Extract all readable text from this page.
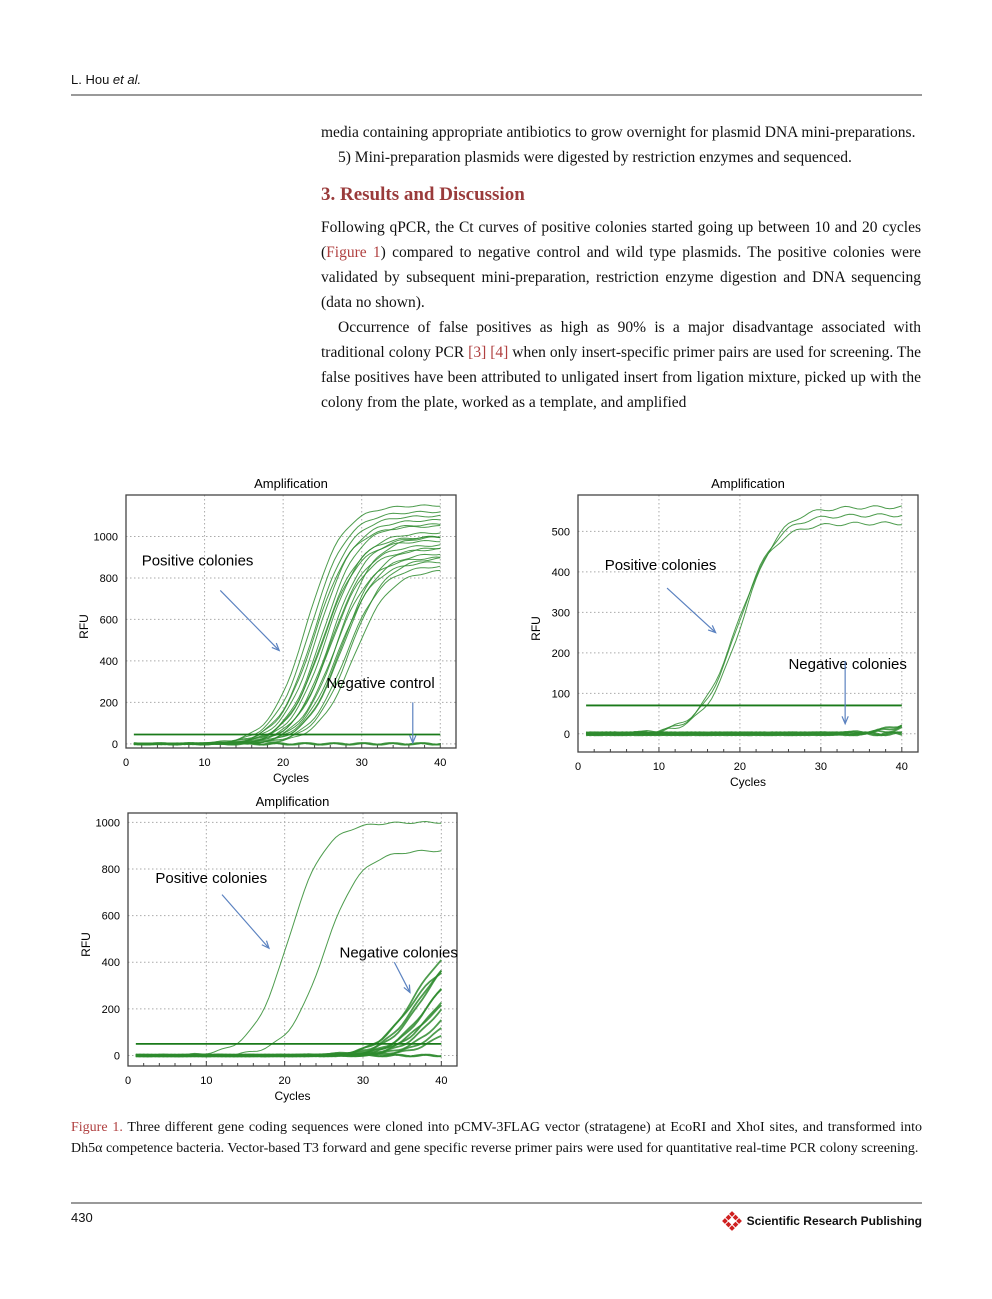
L. Hou et al.

media containing appropriate antibiotics to grow overnight for plasmid DNA mini-preparations.

5) Mini-preparation plasmids were digested by restriction enzymes and sequenced.

3. Results and Discussion

Following qPCR, the Ct curves of positive colonies started going up between 10 and 20 cycles (Figure 1) compared to negative control and wild type plasmids. The positive colonies were validated by subsequent mini-preparation, restriction enzyme digestion and DNA sequencing (data no shown).

Occurrence of false positives as high as 90% is a major disadvantage associated with traditional colony PCR [3] [4] when only insert-specific primer pairs are used for screening. The false positives have been attributed to unligated insert from ligation mixture, picked up with the colony from the plate, worked as a template, and amplified

0	10	20	30	40
0
200
400
600
800
1000
Amplification
Cycles
RFU
Positive colonies
Negative control
0	10	20	30	40
0
100
200
300
400
500
Amplification
Cycles
RFU
Positive colonies
Negative colonies
0	10	20	30	40
0
200
400
600
800
1000
Amplification
Cycles
RFU
Positive colonies
Negative colonies
Figure 1. Three different gene coding sequences were cloned into pCMV-3FLAG vector (stratagene) at EcoRI and XhoI sites, and transformed into Dh5α competence bacteria. Vector-based T3 forward and gene specific reverse primer pairs were used for quantitative real-time PCR colony screening.
430	Scientific Research Publishing
